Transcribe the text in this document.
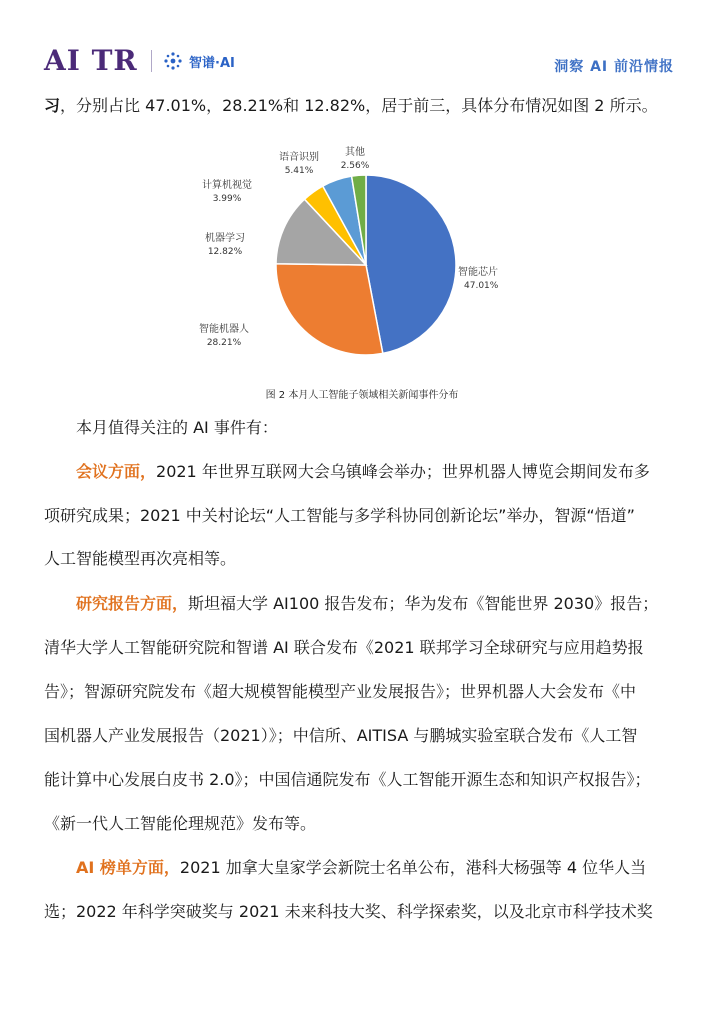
AI TR	智谱·AI	洞察 AI 前沿情报
习，分别占比 47.01%，28.21%和 12.82%，居于前三，具体分布情况如图 2 所示。
智能芯片
47.01%
智能机器人
28.21%
机器学习
12.82%
计算机视觉
3.99%
语音识别
5.41%
其他
2.56%
图 2 本月人工智能子领域相关新闻事件分布
本月值得关注的 AI 事件有：
会议方面，2021 年世界互联网大会乌镇峰会举办；世界机器人博览会期间发布多
项研究成果；2021 中关村论坛“人工智能与多学科协同创新论坛”举办，智源“悟道”
人工智能模型再次亮相等。
研究报告方面，斯坦福大学 AI100 报告发布；华为发布《智能世界 2030》报告；
清华大学人工智能研究院和智谱 AI 联合发布《2021 联邦学习全球研究与应用趋势报
告》；智源研究院发布《超大规模智能模型产业发展报告》；世界机器人大会发布《中
国机器人产业发展报告（2021）》；中信所、AITISA 与鹏城实验室联合发布《人工智
能计算中心发展白皮书 2.0》；中国信通院发布《人工智能开源生态和知识产权报告》；
《新一代人工智能伦理规范》发布等。
AI 榜单方面，2021 加拿大皇家学会新院士名单公布，港科大杨强等 4 位华人当
选；2022 年科学突破奖与 2021 未来科技大奖、科学探索奖，以及北京市科学技术奖
